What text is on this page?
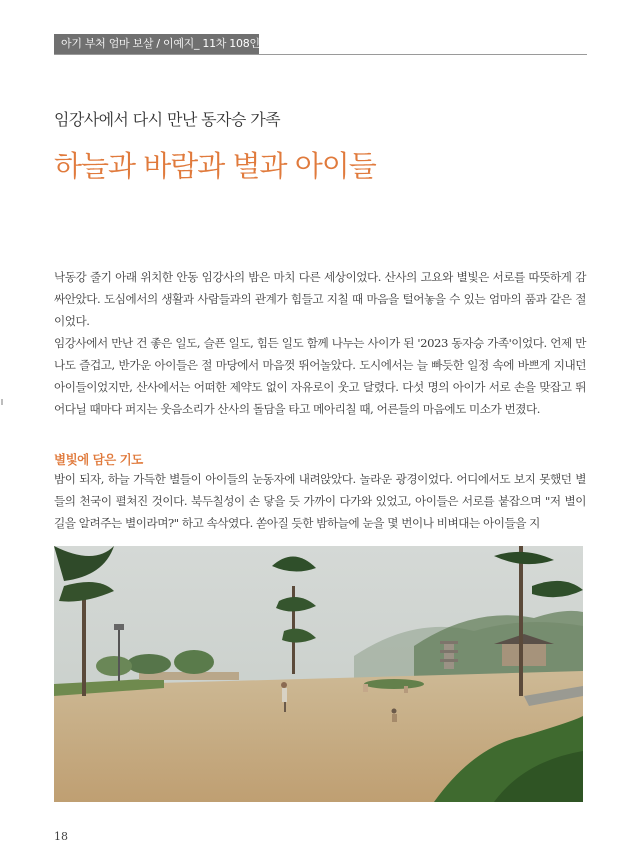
아기 부처 엄마 보살 / 이예지_ 11차 108인
임강사에서 다시 만난 동자승 가족
하늘과 바람과 별과 아이들

낙동강 줄기 아래 위치한 안동 임강사의 밤은 마치 다른 세상이었다. 산사의 고요와 별빛은 서로를 따뜻하게 감싸안았다. 도심에서의 생활과 사람들과의 관계가 힘들고 지칠 때 마음을 털어놓을 수 있는 엄마의 품과 같은 절이었다.

임강사에서 만난 건 좋은 일도, 슬픈 일도, 힘든 일도 함께 나누는 사이가 된 '2023 동자승 가족'이었다. 언제 만나도 즐겁고, 반가운 아이들은 절 마당에서 마음껏 뛰어놀았다. 도시에서는 늘 빠듯한 일정 속에 바쁘게 지내던 아이들이었지만, 산사에서는 어떠한 제약도 없이 자유로이 웃고 달렸다. 다섯 명의 아이가 서로 손을 맞잡고 뛰어다닐 때마다 퍼지는 웃음소리가 산사의 돌담을 타고 메아리칠 때, 어른들의 마음에도 미소가 번졌다.

별빛에 담은 기도

밤이 되자, 하늘 가득한 별들이 아이들의 눈동자에 내려앉았다. 놀라운 광경이었다. 어디에서도 보지 못했던 별들의 천국이 펼쳐진 것이다. 북두칠성이 손 닿을 듯 가까이 다가와 있었고, 아이들은 서로를 붙잡으며 "저 별이 길을 알려주는 별이라며?" 하고 속삭였다. 쏟아질 듯한 밤하늘에 눈을 몇 번이나 비벼대는 아이들을 지

18
